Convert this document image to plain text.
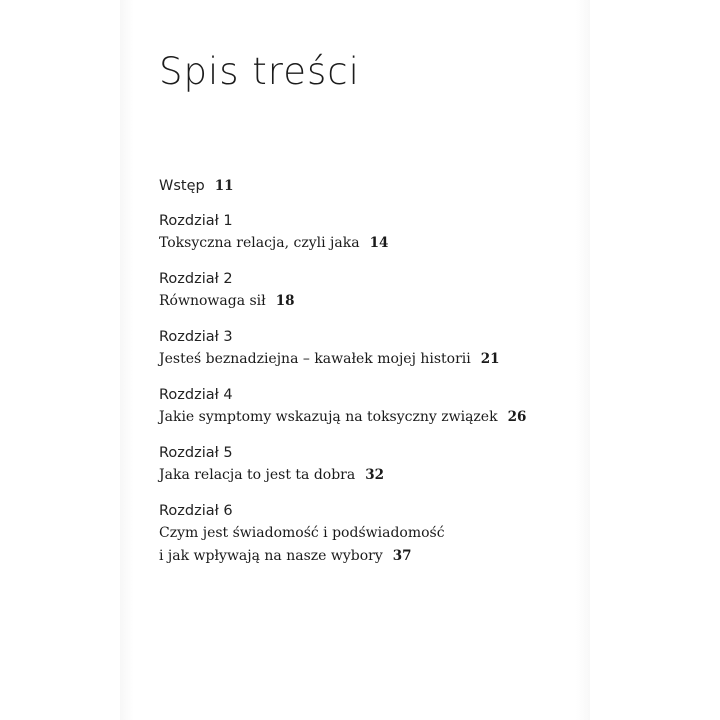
Spis treści
Wstęp 11
Rozdział 1
Toksyczna relacja, czyli jaka 14
Rozdział 2
Równowaga sił 18
Rozdział 3
Jesteś beznadziejna – kawałek mojej historii 21
Rozdział 4
Jakie symptomy wskazują na toksyczny związek 26
Rozdział 5
Jaka relacja to jest ta dobra 32
Rozdział 6
Czym jest świadomość i podświadomość
i jak wpływają na nasze wybory 37
